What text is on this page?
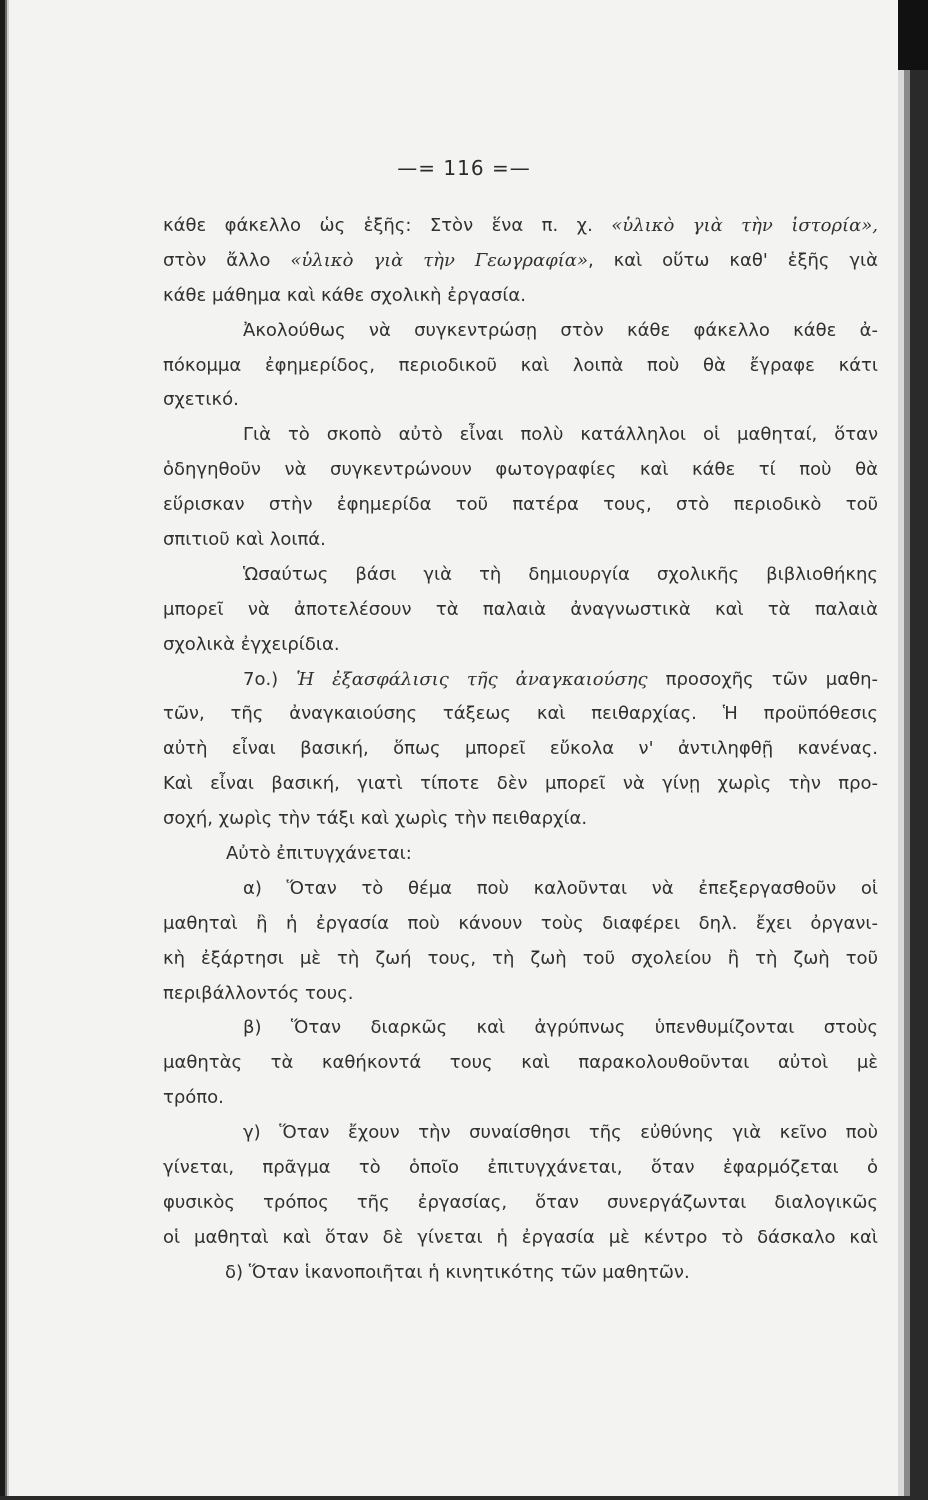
—= 116 =—
κάθε φάκελλο ὡς ἑξῆς: Στὸν ἕνα π. χ. «ὑλικὸ γιὰ τὴν ἱστορία»,
στὸν ἄλλο «ὑλικὸ γιὰ τὴν Γεωγραφία», καὶ οὕτω καθ' ἑξῆς γιὰ
κάθε μάθημα καὶ κάθε σχολικὴ ἐργασία.
Ἀκολούθως νὰ συγκεντρώσῃ στὸν κάθε φάκελλο κάθε ἀ-
πόκομμα ἐφημερίδος, περιοδικοῦ καὶ λοιπὰ ποὺ θὰ ἔγραφε κάτι
σχετικό.
Γιὰ τὸ σκοπὸ αὐτὸ εἶναι πολὺ κατάλληλοι οἱ μαθηταί, ὅταν
ὁδηγηθοῦν νὰ συγκεντρώνουν φωτογραφίες καὶ κάθε τί ποὺ θὰ
εὕρισκαν στὴν ἐφημερίδα τοῦ πατέρα τους, στὸ περιοδικὸ τοῦ
σπιτιοῦ καὶ λοιπά.
Ὡσαύτως βάσι γιὰ τὴ δημιουργία σχολικῆς βιβλιοθήκης
μπορεῖ νὰ ἀποτελέσουν τὰ παλαιὰ ἀναγνωστικὰ καὶ τὰ παλαιὰ
σχολικὰ ἐγχειρίδια.
7ο.) Ἡ ἐξασφάλισις τῆς ἀναγκαιούσης προσοχῆς τῶν μαθη-
τῶν, τῆς ἀναγκαιούσης τάξεως καὶ πειθαρχίας. Ἡ προϋπόθεσις
αὐτὴ εἶναι βασική, ὅπως μπορεῖ εὔκολα ν' ἀντιληφθῇ κανένας.
Καὶ εἶναι βασική, γιατὶ τίποτε δὲν μπορεῖ νὰ γίνῃ χωρὶς τὴν προ-
σοχή, χωρὶς τὴν τάξι καὶ χωρὶς τὴν πειθαρχία.
Αὐτὸ ἐπιτυγχάνεται:
α) Ὅταν τὸ θέμα ποὺ καλοῦνται νὰ ἐπεξεργασθοῦν οἱ
μαθηταὶ ἢ ἡ ἐργασία ποὺ κάνουν τοὺς διαφέρει δηλ. ἔχει ὀργανι-
κὴ ἐξάρτησι μὲ τὴ ζωή τους, τὴ ζωὴ τοῦ σχολείου ἢ τὴ ζωὴ τοῦ
περιβάλλοντός τους.
β) Ὅταν διαρκῶς καὶ ἀγρύπνως ὑπενθυμίζονται στοὺς
μαθητὰς τὰ καθήκοντά τους καὶ παρακολουθοῦνται αὐτοὶ μὲ
τρόπο.
γ) Ὅταν ἔχουν τὴν συναίσθησι τῆς εὐθύνης γιὰ κεῖνο ποὺ
γίνεται, πρᾶγμα τὸ ὁποῖο ἐπιτυγχάνεται, ὅταν ἐφαρμόζεται ὁ
φυσικὸς τρόπος τῆς ἐργασίας, ὅταν συνεργάζωνται διαλογικῶς
οἱ μαθηταὶ καὶ ὅταν δὲ γίνεται ἡ ἐργασία μὲ κέντρο τὸ δάσκαλο καὶ
δ) Ὅταν ἱκανοποιῆται ἡ κινητικότης τῶν μαθητῶν.
